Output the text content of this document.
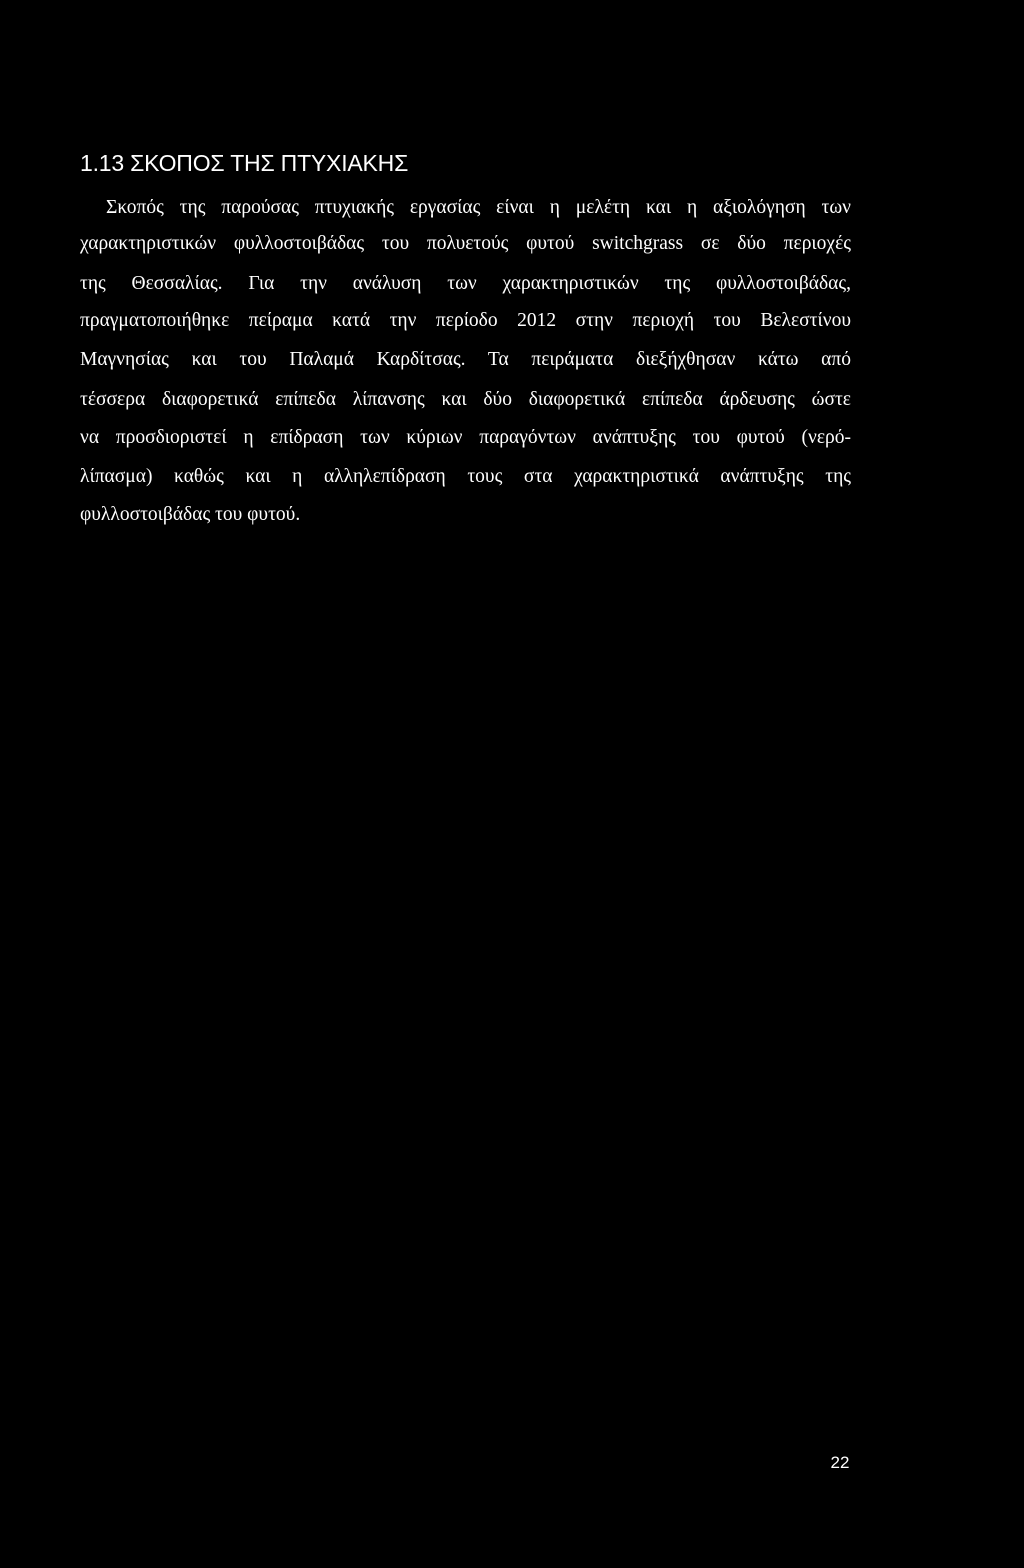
1.13 ΣΚΟΠΟΣ ΤΗΣ ΠΤΥΧΙΑΚΗΣ
Σκοπός της παρούσας πτυχιακής εργασίας είναι η μελέτη και η αξιολόγηση των
χαρακτηριστικών φυλλοστοιβάδας του πολυετούς φυτού switchgrass σε δύο περιοχές
της Θεσσαλίας. Για την ανάλυση των χαρακτηριστικών της φυλλοστοιβάδας,
πραγματοποιήθηκε πείραμα κατά την περίοδο 2012 στην περιοχή του Βελεστίνου
Μαγνησίας και του Παλαμά Καρδίτσας. Τα πειράματα διεξήχθησαν κάτω από
τέσσερα διαφορετικά επίπεδα λίπανσης και δύο διαφορετικά επίπεδα άρδευσης ώστε
να προσδιοριστεί η επίδραση των κύριων παραγόντων ανάπτυξης του φυτού (νερό-
λίπασμα) καθώς και η αλληλεπίδραση τους στα χαρακτηριστικά ανάπτυξης της
φυλλοστοιβάδας του φυτού.
22
